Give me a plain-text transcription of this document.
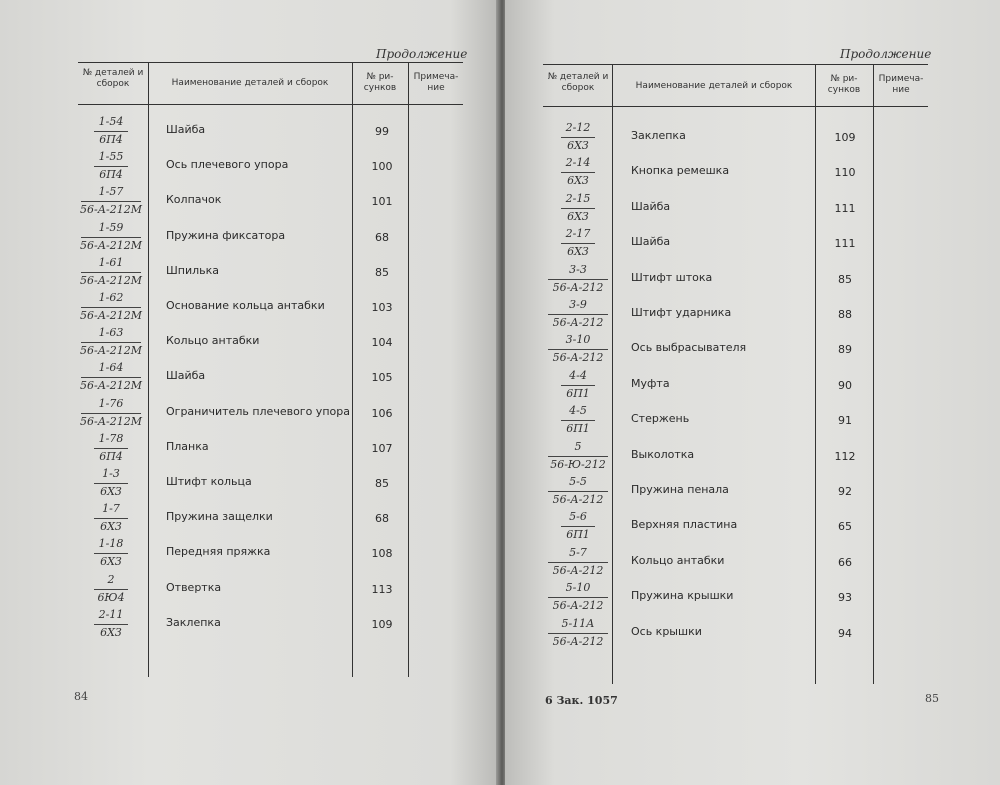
Продолжение
№ деталей и сборок	Наименование деталей и сборок
№ ри-сунков
Примеча-ние
1-54
6П4
Шайба	99
1-55
6П4
Ось плечевого упора	100
1-57
56-А-212М
Колпачок	101
1-59
56-А-212М
Пружина фиксатора	68
1-61
56-А-212М
Шпилька	85
1-62
56-А-212М
Основание кольца антабки	103
1-63
56-А-212М
Кольцо антабки	104
1-64
56-А-212М
Шайба	105
1-76
56-А-212М
Ограничитель плечевого упора	106
1-78
6П4
Планка	107
1-3
6Х3
Штифт кольца	85
1-7
6Х3
Пружина защелки	68
1-18
6Х3
Передняя пряжка	108
2
6Ю4
Отвертка	113
2-11
6Х3
Заклепка	109
84
Продолжение
№ деталей и сборок	Наименование деталей и сборок
№ ри-сунков
Примеча-ние
2-12
6Х3
Заклепка	109
2-14
6Х3
Кнопка ремешка	110
2-15
6Х3
Шайба	111
2-17
6Х3
Шайба	111
3-3
56-А-212
Штифт штока	85
3-9
56-А-212
Штифт ударника	88
3-10
56-А-212
Ось выбрасывателя	89
4-4
6П1
Муфта	90
4-5
6П1
Стержень	91
5
56-Ю-212
Выколотка	112
5-5
56-А-212
Пружина пенала	92
5-6
6П1
Верхняя пластина	65
5-7
56-А-212
Кольцо антабки	66
5-10
56-А-212
Пружина крышки	93
5-11А
56-А-212
Ось крышки	94
6 Зак. 1057	85
